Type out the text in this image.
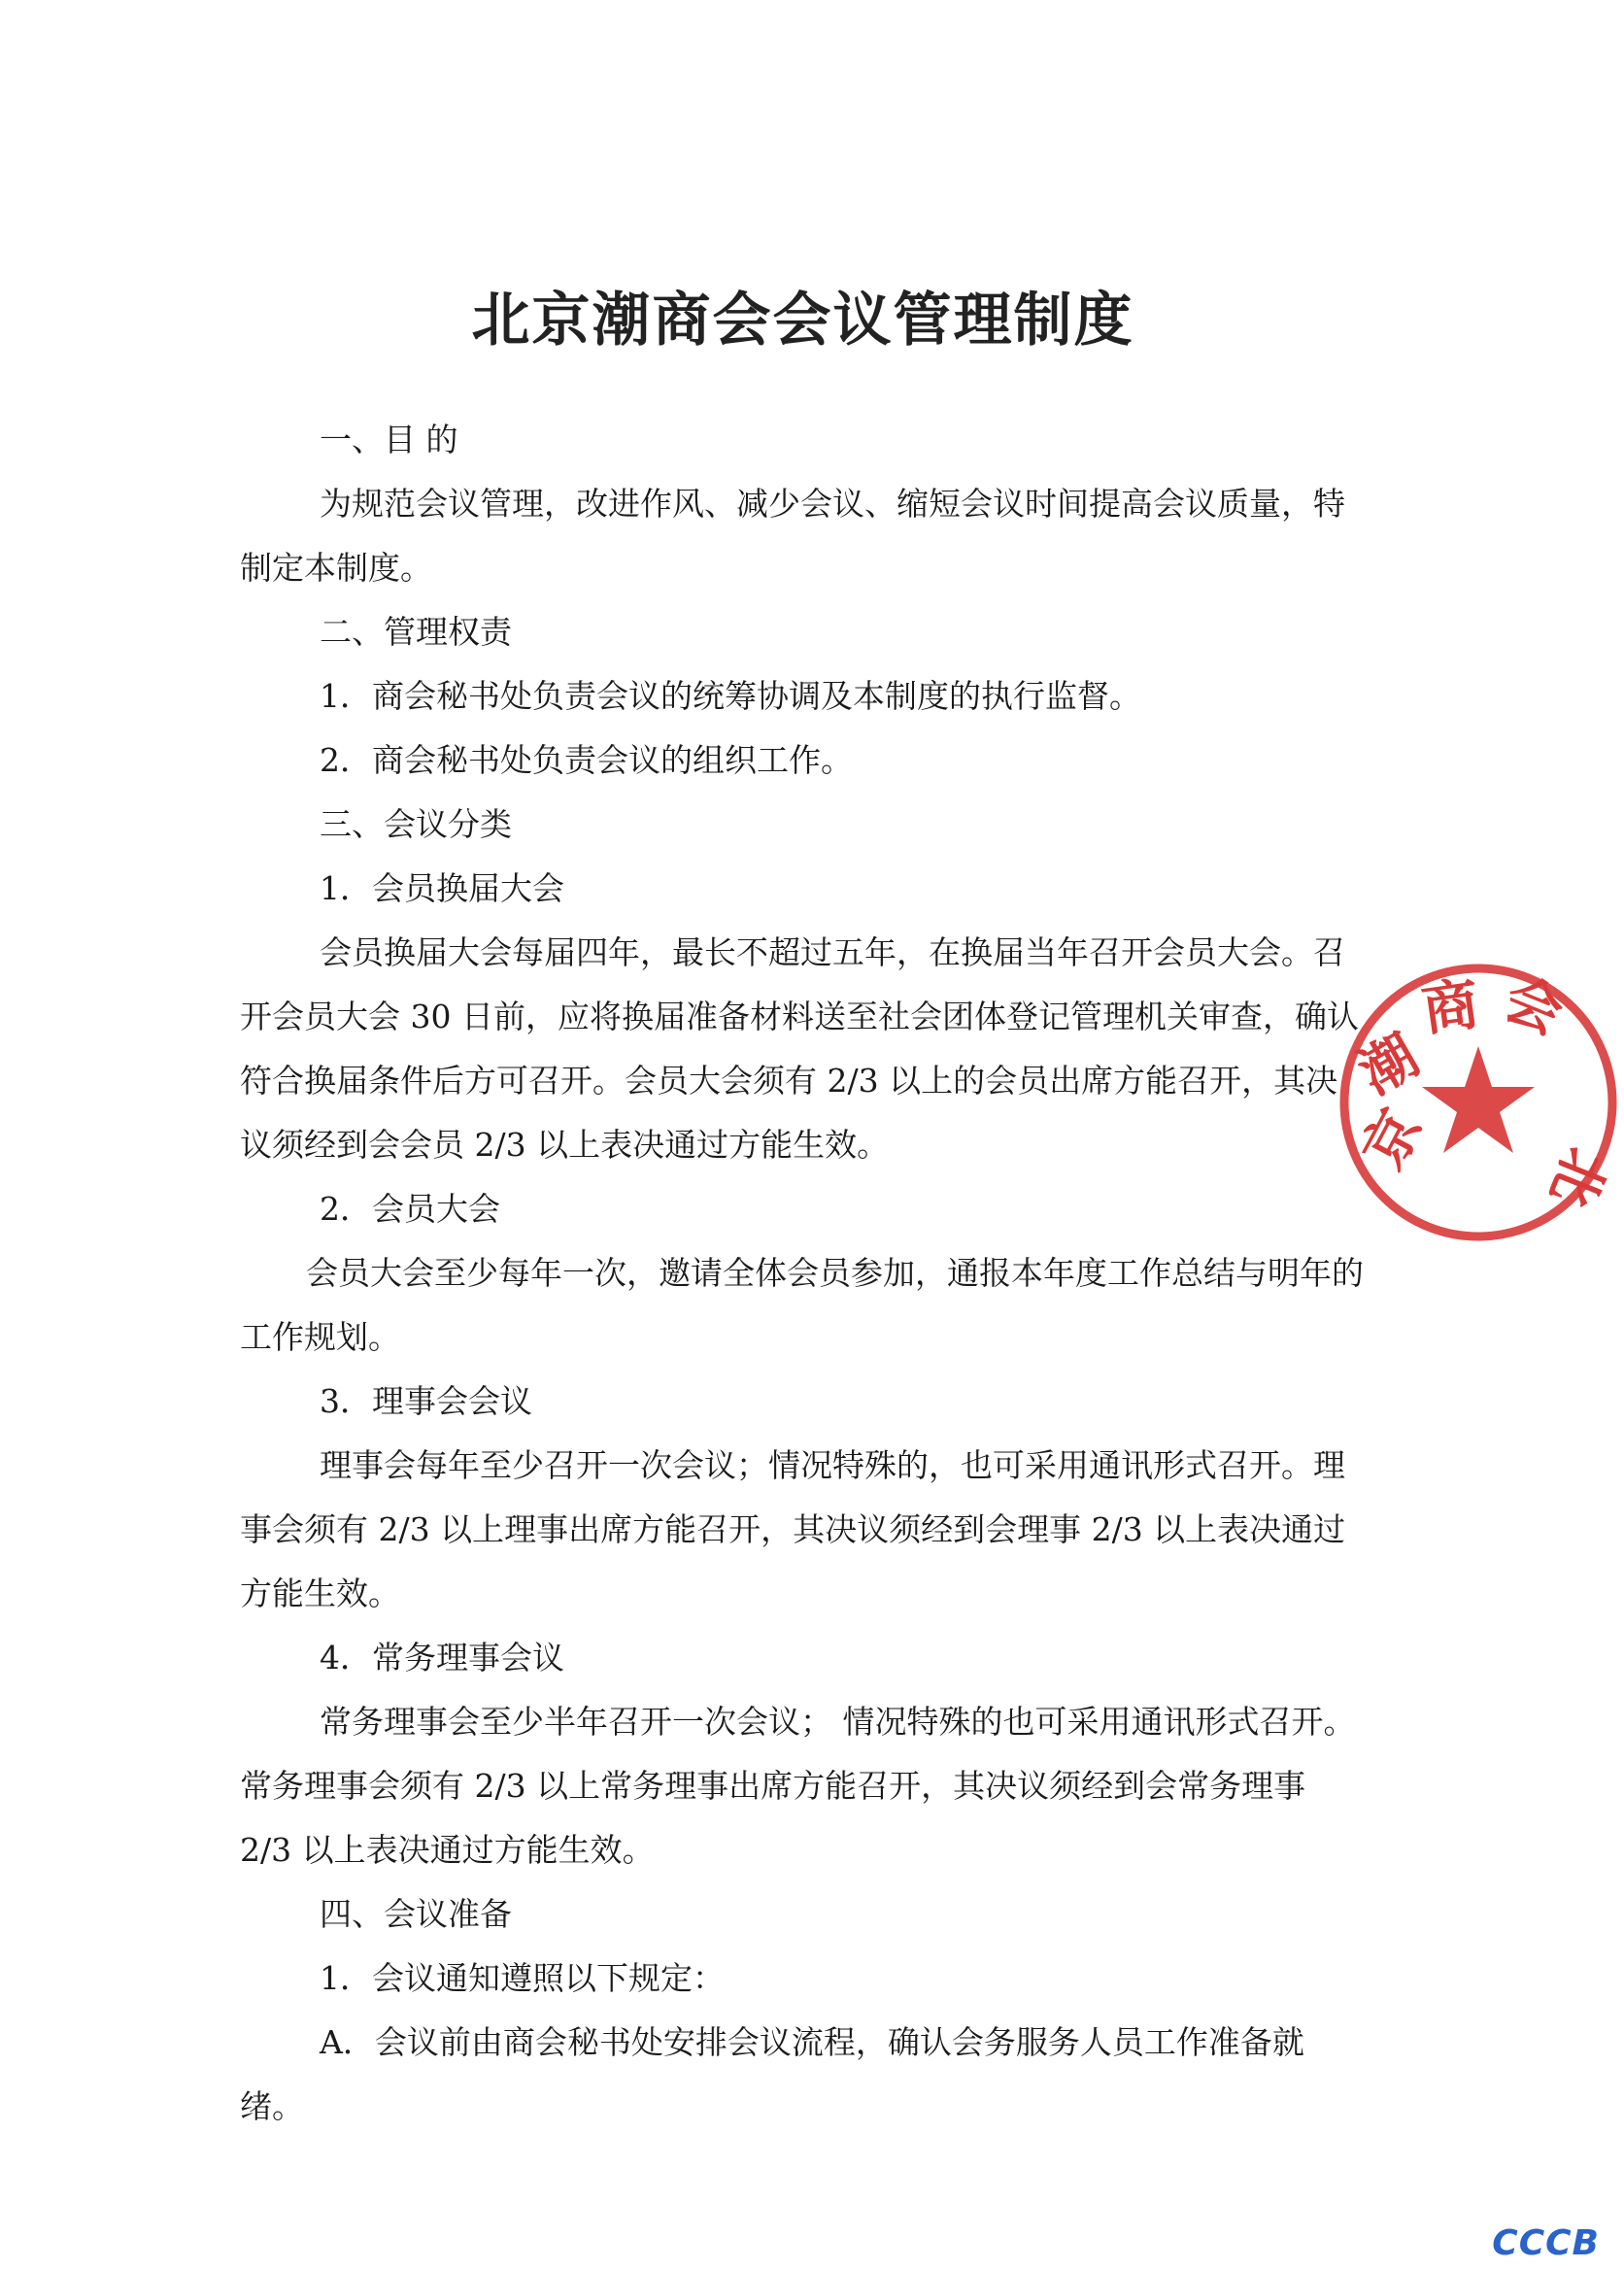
北京潮商会会议管理制度

一、目 的

为规范会议管理，改进作风、减少会议、缩短会议时间提高会议质量，特制定本制度。

二、管理权责

1．商会秘书处负责会议的统筹协调及本制度的执行监督。

2．商会秘书处负责会议的组织工作。

三、会议分类

1．会员换届大会

会员换届大会每届四年，最长不超过五年，在换届当年召开会员大会。召开会员大会 30 日前，应将换届准备材料送至社会团体登记管理机关审查，确认符合换届条件后方可召开。会员大会须有 2/3 以上的会员出席方能召开，其决议须经到会会员 2/3 以上表决通过方能生效。

2．会员大会

会员大会至少每年一次，邀请全体会员参加，通报本年度工作总结与明年的工作规划。

3．理事会会议

理事会每年至少召开一次会议；情况特殊的，也可采用通讯形式召开。理事会须有 2/3 以上理事出席方能召开，其决议须经到会理事 2/3 以上表决通过方能生效。

4．常务理事会议

常务理事会至少半年召开一次会议； 情况特殊的也可采用通讯形式召开。常务理事会须有 2/3 以上常务理事出席方能召开，其决议须经到会常务理事 2/3 以上表决通过方能生效。

四、会议准备

1．会议通知遵照以下规定：

A．会议前由商会秘书处安排会议流程，确认会务服务人员工作准备就绪。

京
潮
商 会
北
CCCB
